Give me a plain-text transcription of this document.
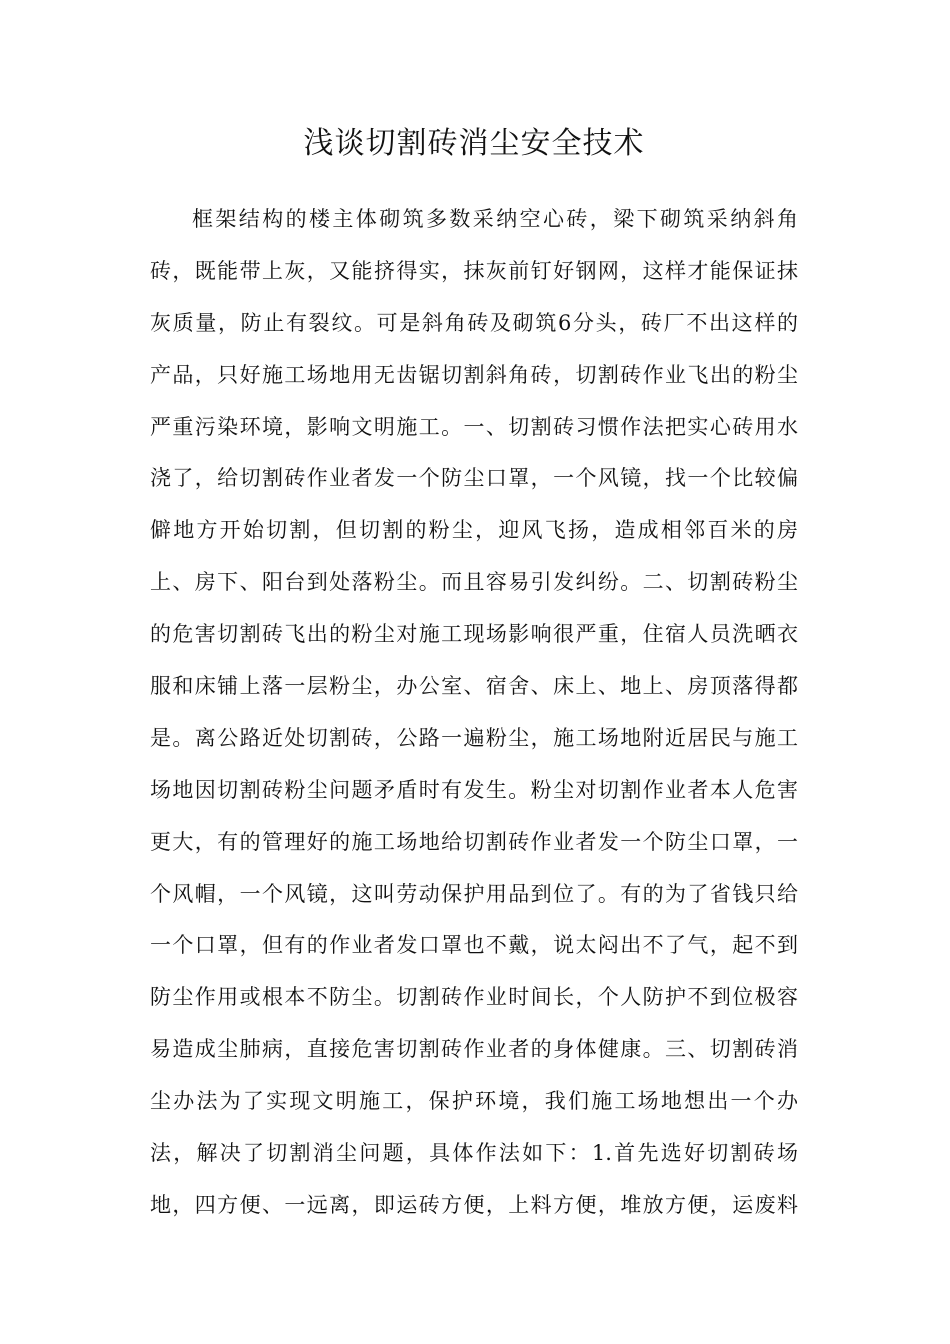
浅谈切割砖消尘安全技术
框架结构的楼主体砌筑多数采纳空心砖，梁下砌筑采纳斜角
砖，既能带上灰，又能挤得实，抹灰前钉好钢网，这样才能保证抹
灰质量，防止有裂纹。可是斜角砖及砌筑6分头，砖厂不出这样的
产品，只好施工场地用无齿锯切割斜角砖，切割砖作业飞出的粉尘
严重污染环境，影响文明施工。一、切割砖习惯作法把实心砖用水
浇了，给切割砖作业者发一个防尘口罩，一个风镜，找一个比较偏
僻地方开始切割，但切割的粉尘，迎风飞扬，造成相邻百米的房
上、房下、阳台到处落粉尘。而且容易引发纠纷。二、切割砖粉尘
的危害切割砖飞出的粉尘对施工现场影响很严重，住宿人员洗晒衣
服和床铺上落一层粉尘，办公室、宿舍、床上、地上、房顶落得都
是。离公路近处切割砖，公路一遍粉尘，施工场地附近居民与施工
场地因切割砖粉尘问题矛盾时有发生。粉尘对切割作业者本人危害
更大，有的管理好的施工场地给切割砖作业者发一个防尘口罩，一
个风帽，一个风镜，这叫劳动保护用品到位了。有的为了省钱只给
一个口罩，但有的作业者发口罩也不戴，说太闷出不了气，起不到
防尘作用或根本不防尘。切割砖作业时间长，个人防护不到位极容
易造成尘肺病，直接危害切割砖作业者的身体健康。三、切割砖消
尘办法为了实现文明施工，保护环境，我们施工场地想出一个办
法，解决了切割消尘问题，具体作法如下：1.首先选好切割砖场
地，四方便、一远离，即运砖方便，上料方便，堆放方便，运废料
